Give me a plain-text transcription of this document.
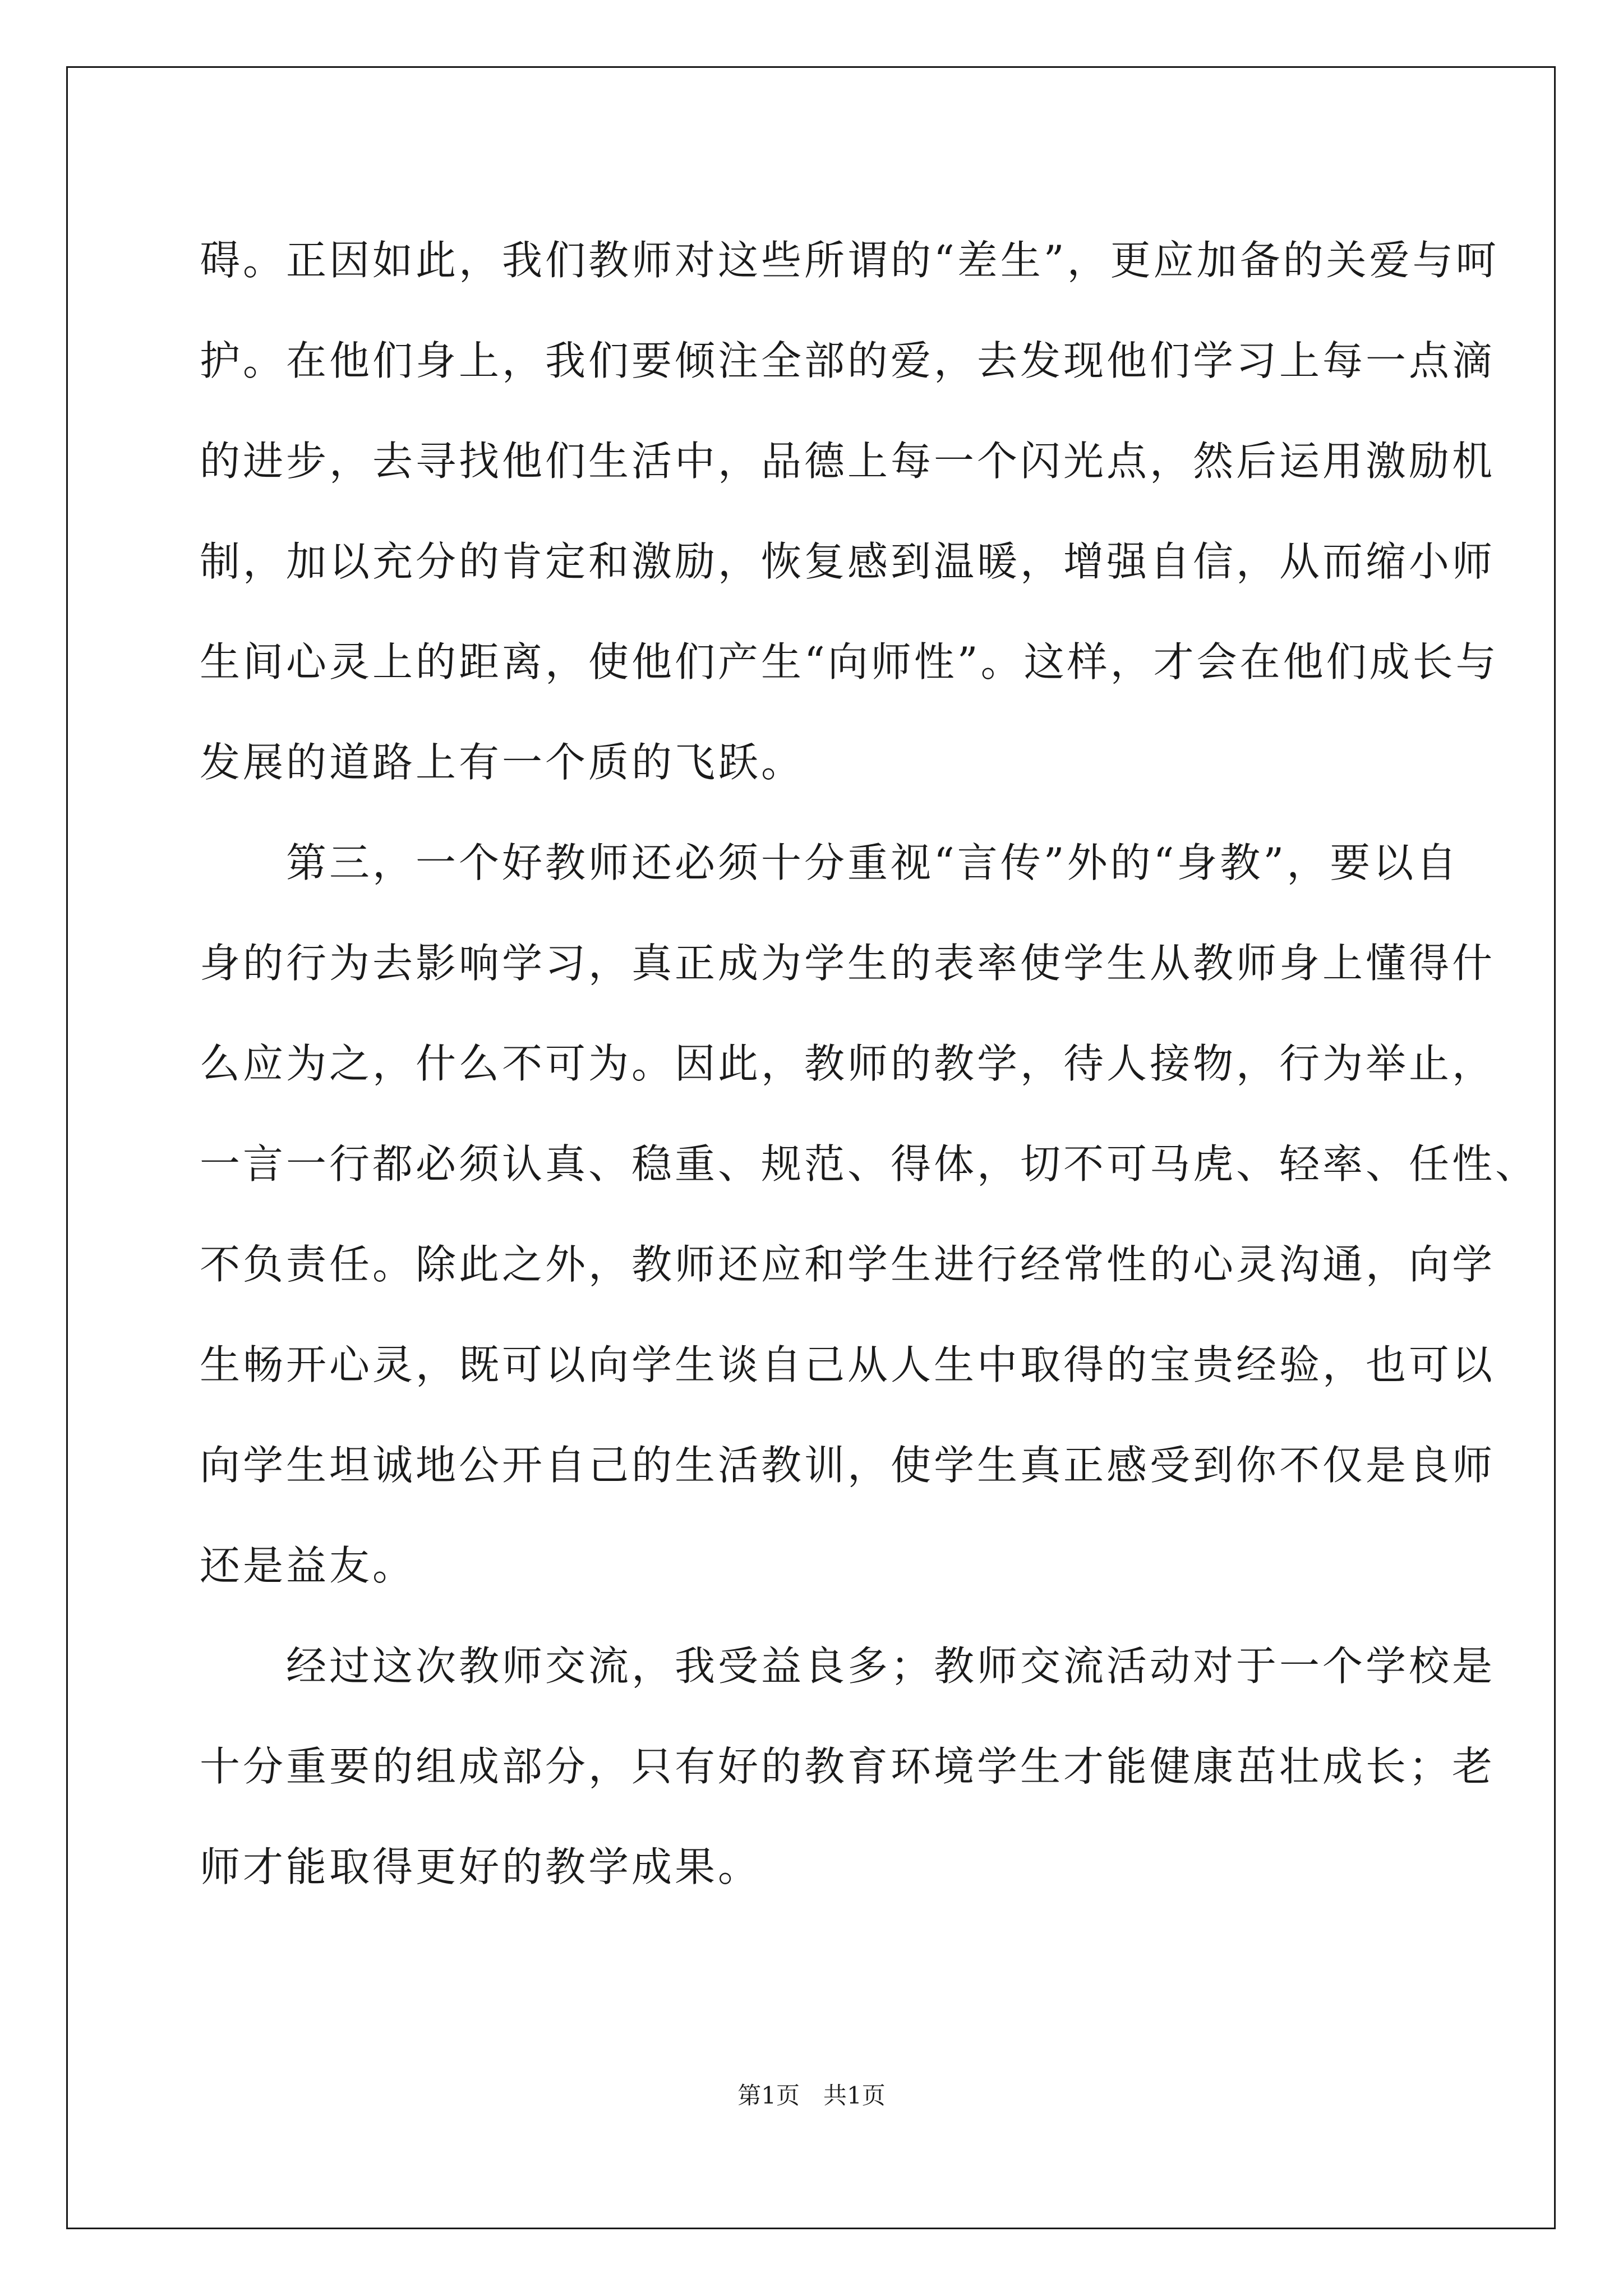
碍。正因如此，我们教师对这些所谓的“差生”，更应加备的关爱与呵
护。在他们身上，我们要倾注全部的爱，去发现他们学习上每一点滴
的进步，去寻找他们生活中，品德上每一个闪光点，然后运用激励机
制，加以充分的肯定和激励，恢复感到温暖，增强自信，从而缩小师
生间心灵上的距离，使他们产生“向师性”。这样，才会在他们成长与
发展的道路上有一个质的飞跃。

　　第三，一个好教师还必须十分重视“言传”外的“身教”，要以自
身的行为去影响学习，真正成为学生的表率使学生从教师身上懂得什
么应为之，什么不可为。因此，教师的教学，待人接物，行为举止，
一言一行都必须认真、稳重、规范、得体，切不可马虎、轻率、任性、
不负责任。除此之外，教师还应和学生进行经常性的心灵沟通，向学
生畅开心灵，既可以向学生谈自己从人生中取得的宝贵经验，也可以
向学生坦诚地公开自己的生活教训，使学生真正感受到你不仅是良师
还是益友。

　　经过这次教师交流，我受益良多；教师交流活动对于一个学校是
十分重要的组成部分，只有好的教育环境学生才能健康茁壮成长；老
师才能取得更好的教学成果。

第1页　共1页
